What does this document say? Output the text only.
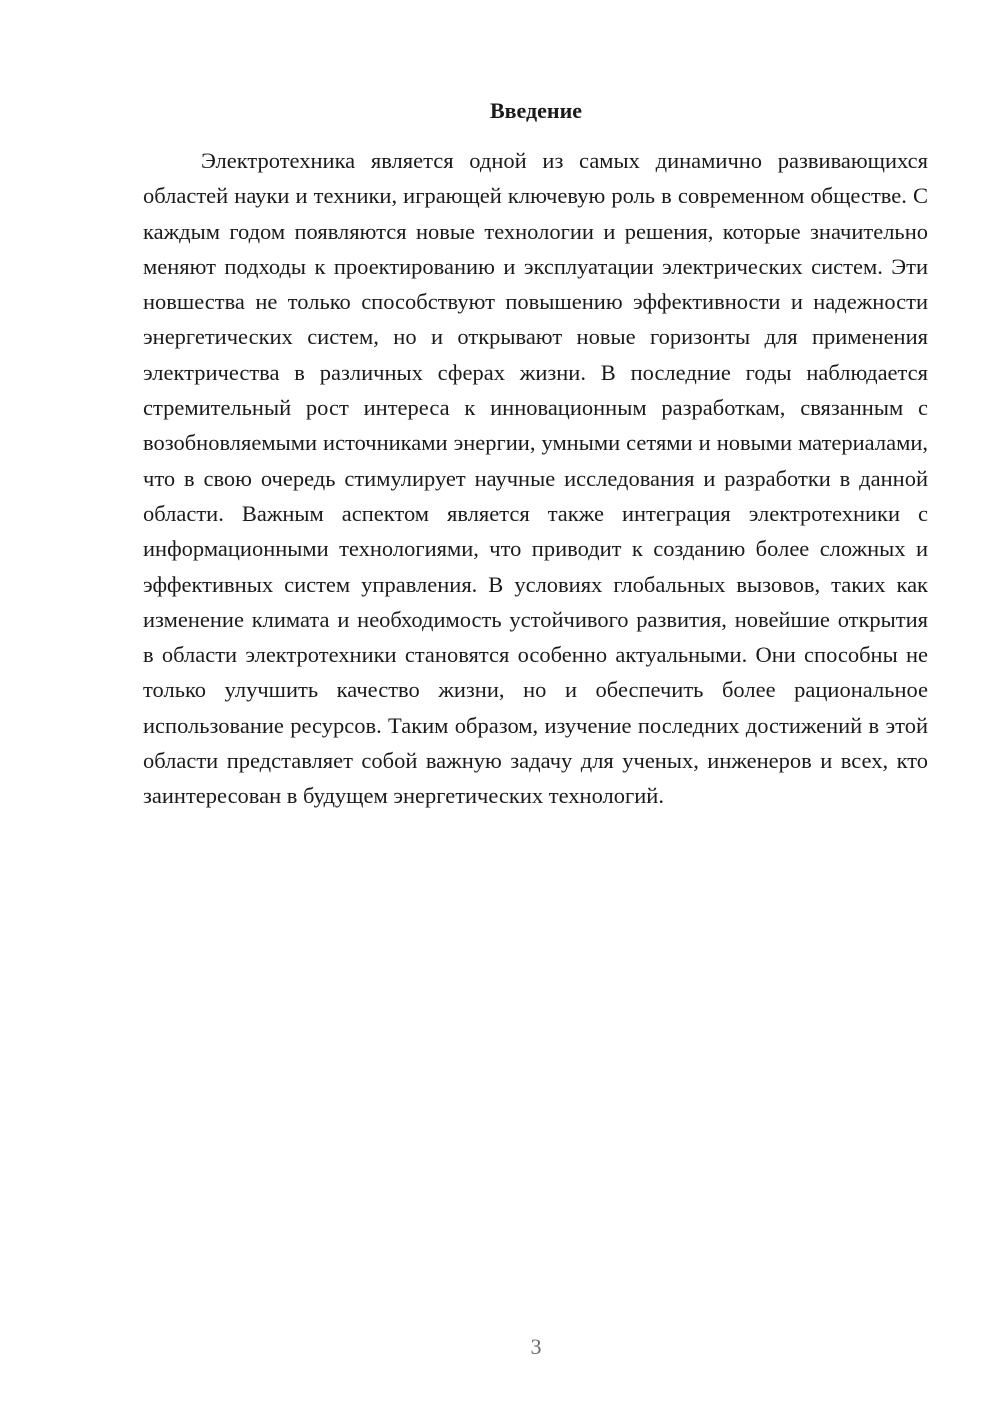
Введение

Электротехника является одной из самых динамично развивающихся областей науки и техники, играющей ключевую роль в современном обществе. С каждым годом появляются новые технологии и решения, которые значительно меняют подходы к проектированию и эксплуатации электрических систем. Эти новшества не только способствуют повышению эффективности и надежности энергетических систем, но и открывают новые горизонты для применения электричества в различных сферах жизни. В последние годы наблюдается стремительный рост интереса к инновационным разработкам, связанным с возобновляемыми источниками энергии, умными сетями и новыми материалами, что в свою очередь стимулирует научные исследования и разработки в данной области. Важным аспектом является также интеграция электротехники с информационными технологиями, что приводит к созданию более сложных и эффективных систем управления. В условиях глобальных вызовов, таких как изменение климата и необходимость устойчивого развития, новейшие открытия в области электротехники становятся особенно актуальными. Они способны не только улучшить качество жизни, но и обеспечить более рациональное использование ресурсов. Таким образом, изучение последних достижений в этой области представляет собой важную задачу для ученых, инженеров и всех, кто заинтересован в будущем энергетических технологий.

3
